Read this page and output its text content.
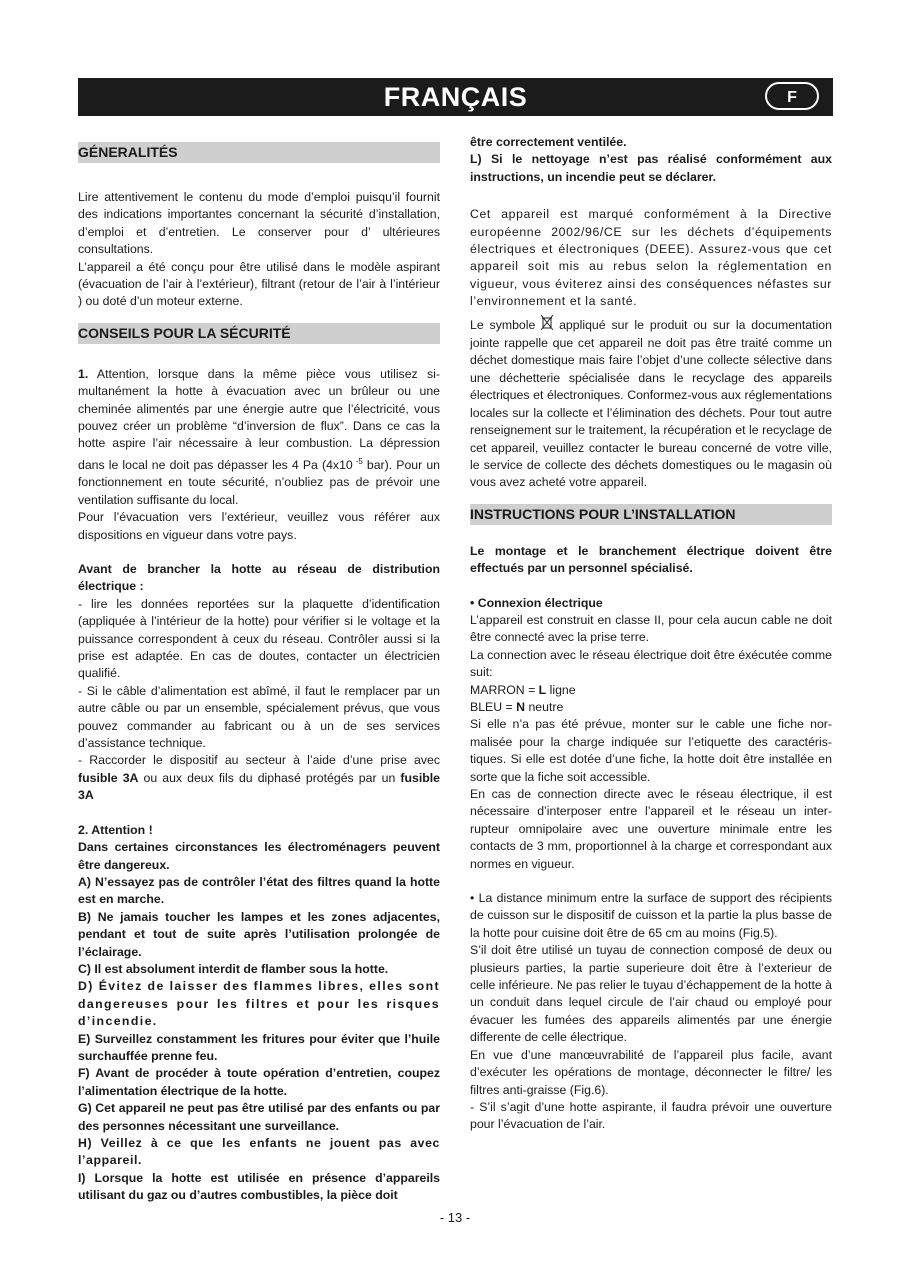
FRANÇAIS	F
GÉNERALITÉS

Lire attentivement le contenu du mode d’emploi puisqu’il fournit des indications importantes concernant la sécurité d’installation, d’emploi et d’entretien. Le conserver pour d’ ultérieures consultations.

L’appareil a été conçu pour être utilisé dans le modèle aspirant (évacuation de l’air à l’extérieur), filtrant (retour de l’air à l’intérieur ) ou doté d’un moteur externe.

CONSEILS POUR LA SÉCURITÉ

1. Attention, lorsque dans la même pièce vous utilisez simultanément la hotte à évacuation avec un brûleur ou une cheminée alimentés par une énergie autre que l’électricité, vous pouvez créer un problème “d’inversion de flux”. Dans ce cas la hotte aspire l’air nécessaire à leur combustion. La dépression dans le local ne doit pas dépasser les 4 Pa (4x10 $^{-5}$ bar). Pour un fonctionnement en toute sécurité, n’oubliez pas de prévoir une ventilation suffisante du local.

Pour l’évacuation vers l’extérieur, veuillez vous référer aux dispositions en vigueur dans votre pays.

Avant de brancher la hotte au réseau de distribution électrique :

- lire les données reportées sur la plaquette d’identification (appliquée à l’intérieur de la hotte) pour vérifier si le voltage et la puissance correspondent à ceux du réseau. Contrôler aussi si la prise est adaptée. En cas de doutes, contacter un électricien qualifié.

- Si le câble d’alimentation est abîmé, il faut le remplacer par un autre câble ou par un ensemble, spécialement prévus, que vous pouvez commander au fabricant ou à un de ses services d’assistance technique.

- Raccorder le dispositif au secteur à l’aide d’une prise avec fusible 3A ou aux deux fils du diphasé protégés par un fusible 3A

2. Attention !

Dans certaines circonstances les électroménagers peuvent être dangereux.

A) N’essayez pas de contrôler l’état des filtres quand la hotte est en marche.

B) Ne jamais toucher les lampes et les zones adjacentes, pendant et tout de suite après l’utilisation prolongée de l’éclairage.

C) Il est absolument interdit de flamber sous la hotte.

D) Évitez de laisser des flammes libres, elles sont dangereuses pour les filtres et pour les risques d’incendie.

E) Surveillez constamment les fritures pour éviter que l’huile surchauffée prenne feu.

F) Avant de procéder à toute opération d’entretien, coupez l’alimentation électrique de la hotte.

G) Cet appareil ne peut pas être utilisé par des enfants ou par des personnes nécessitant une surveillance.

H) Veillez à ce que les enfants ne jouent pas avec l’appareil.

I) Lorsque la hotte est utilisée en présence d’appareils utilisant du gaz ou d’autres combustibles, la pièce doit

être correctement ventilée.

L) Si le nettoyage n’est pas réalisé conformément aux instructions, un incendie peut se déclarer.

Cet appareil est marqué conformément à la Directive européenne 2002/96/CE sur les déchets d’équipements électriques et électroniques (DEEE). Assurez-vous que cet appareil soit mis au rebus selon la réglementation en vigueur, vous éviterez ainsi des conséquences néfastes sur l’environnement et la santé.

Le symbole  appliqué sur le produit ou sur la documentation jointe rappelle que cet appareil ne doit pas être traité comme un déchet domestique mais faire l’objet d’une collecte sélective dans une déchetterie spécialisée dans le recyclage des appareils électriques et électroniques. Conformez-vous aux réglementations locales sur la collecte et l’élimination des déchets. Pour tout autre renseignement sur le traitement, la récupération et le recyclage de cet appareil, veuillez contacter le bureau concerné de votre ville, le service de collecte des déchets domestiques ou le magasin où vous avez acheté votre appareil.

INSTRUCTIONS POUR L’INSTALLATION

Le montage et le branchement électrique doivent être effectués par un personnel spécialisé.

• Connexion électrique

L’appareil est construit en classe II, pour cela aucun cable ne doit être connecté avec la prise terre.

La connection avec le réseau électrique doit être éxécutée comme suit:

MARRON = L ligne

BLEU = N neutre

Si elle n’a pas été prévue, monter sur le cable une fiche normalisée pour la charge indiquée sur l’etiquette des caractéristiques. Si elle est dotée d’une fiche, la hotte doit être installée en sorte que la fiche soit accessible.

En cas de connection directe avec le réseau électrique, il est nécessaire d’interposer entre l’appareil et le réseau un interrupteur omnipolaire avec une ouverture minimale entre les contacts de 3 mm, proportionnel à la charge et correspondant aux normes en vigueur.

• La distance minimum entre la surface de support des récipients de cuisson sur le dispositif de cuisson et la partie la plus basse de la hotte pour cuisine doit être de 65 cm au moins (Fig.5).

S’il doit être utilisé un tuyau de connection composé de deux ou plusieurs parties, la partie superieure doit être à l’exterieur de celle inférieure. Ne pas relier le tuyau d’échappement de la hotte à un conduit dans lequel circule de l’air chaud ou employé pour évacuer les fumées des appareils alimentés par une énergie differente de celle électrique.

En vue d’une manœuvrabilité de l’appareil plus facile, avant d’exécuter les opérations de montage, déconnecter le filtre/ les filtres anti-graisse (Fig.6).

- S’il s’agit d’une hotte aspirante, il faudra prévoir une ouverture pour l’évacuation de l’air.

- 13 -
